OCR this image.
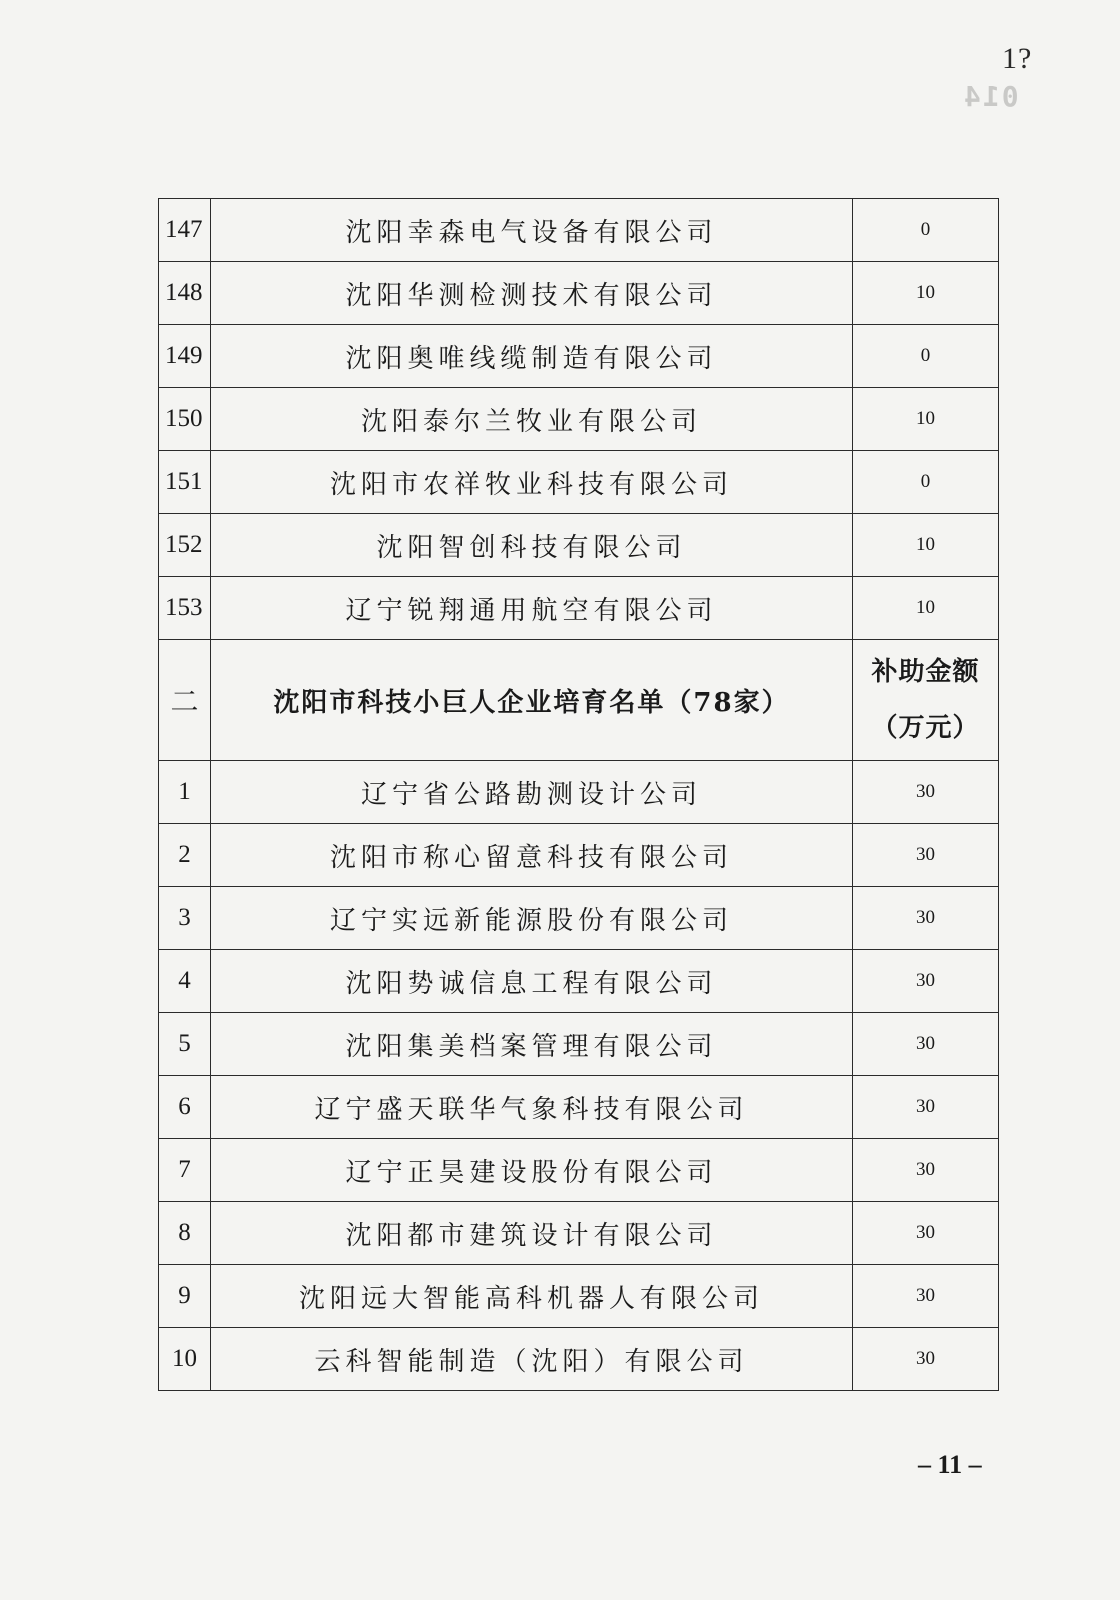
1?
014
147	沈阳幸森电气设备有限公司	0
148	沈阳华测检测技术有限公司	10
149	沈阳奥唯线缆制造有限公司	0
150	沈阳泰尔兰牧业有限公司	10
151	沈阳市农祥牧业科技有限公司	0
152	沈阳智创科技有限公司	10
153	辽宁锐翔通用航空有限公司	10
二	沈阳市科技小巨人企业培育名单（78家）	补助金额
（万元）

1	辽宁省公路勘测设计公司	30
2	沈阳市称心留意科技有限公司	30
3	辽宁实远新能源股份有限公司	30
4	沈阳势诚信息工程有限公司	30
5	沈阳集美档案管理有限公司	30
6	辽宁盛天联华气象科技有限公司	30
7	辽宁正昊建设股份有限公司	30
8	沈阳都市建筑设计有限公司	30
9	沈阳远大智能高科机器人有限公司	30
10	云科智能制造（沈阳）有限公司	30
– 11 –
